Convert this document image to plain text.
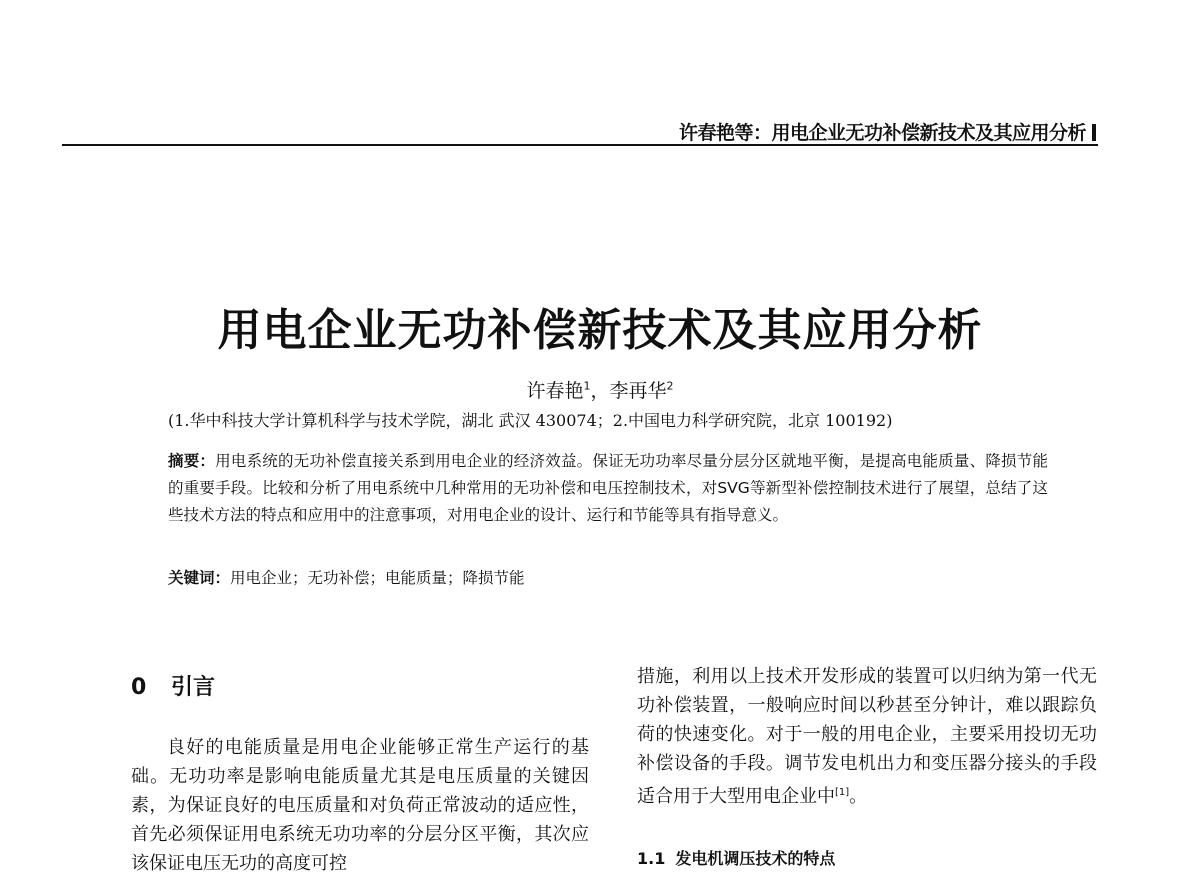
许春艳等：用电企业无功补偿新技术及其应用分析
用电企业无功补偿新技术及其应用分析
许春艳$^1$，李再华$^2$
(1.华中科技大学计算机科学与技术学院，湖北 武汉 430074；2.中国电力科学研究院，北京 100192)
摘要：用电系统的无功补偿直接关系到用电企业的经济效益。保证无功功率尽量分层分区就地平衡，是提高电能质量、降损节能的重要手段。比较和分析了用电系统中几种常用的无功补偿和电压控制技术，对SVG等新型补偿控制技术进行了展望，总结了这些技术方法的特点和应用中的注意事项，对用电企业的设计、运行和节能等具有指导意义。
关键词：用电企业；无功补偿；电能质量；降损节能
0 引言
良好的电能质量是用电企业能够正常生产运行的基础。无功功率是影响电能质量尤其是电压质量的关键因素，为保证良好的电压质量和对负荷正常波动的适应性，首先必须保证用电系统无功功率的分层分区平衡，其次应该保证电压无功的高度可控
措施，利用以上技术开发形成的装置可以归纳为第一代无功补偿装置，一般响应时间以秒甚至分钟计，难以跟踪负荷的快速变化。对于一般的用电企业，主要采用投切无功补偿设备的手段。调节发电机出力和变压器分接头的手段适合用于大型用电企业中[1]。
1.1 发电机调压技术的特点
